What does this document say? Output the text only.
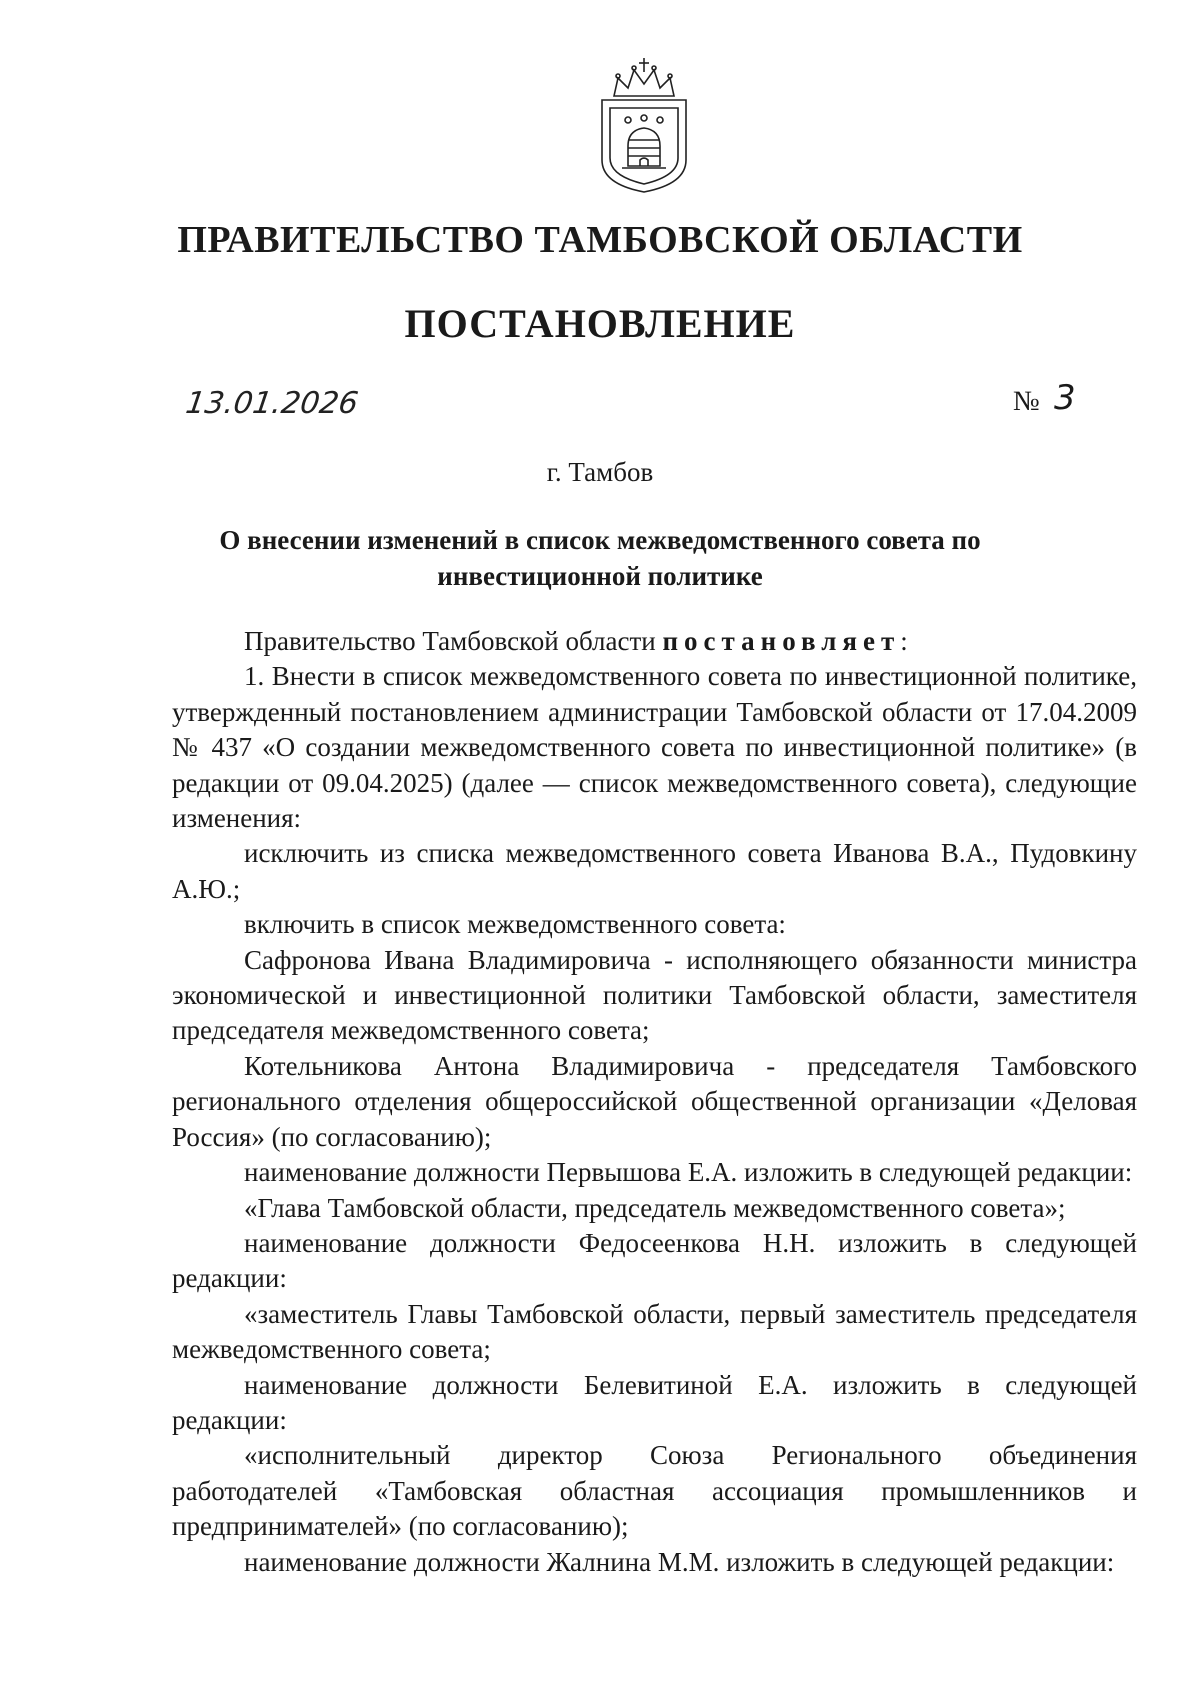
ПРАВИТЕЛЬСТВО ТАМБОВСКОЙ ОБЛАСТИ
ПОСТАНОВЛЕНИЕ
13.01.2026	№ 3
г. Тамбов
О внесении изменений в список межведомственного совета по инвестиционной политике

Правительство Тамбовской области постановляет:

1. Внести в список межведомственного совета по инвестиционной политике, утвержденный постановлением администрации Тамбовской области от 17.04.2009 № 437 «О создании межведомственного совета по инвестиционной политике» (в редакции от 09.04.2025) (далее — список межведомственного совета), следующие изменения:

исключить из списка межведомственного совета Иванова В.А., Пудовкину А.Ю.;

включить в список межведомственного совета:

Сафронова Ивана Владимировича - исполняющего обязанности министра экономической и инвестиционной политики Тамбовской области, заместителя председателя межведомственного совета;

Котельникова Антона Владимировича - председателя Тамбовского регионального отделения общероссийской общественной организации «Деловая Россия» (по согласованию);

наименование должности Первышова Е.А. изложить в следующей редакции:

«Глава Тамбовской области, председатель межведомственного совета»;

наименование должности Федосеенкова Н.Н. изложить в следующей редакции:

«заместитель Главы Тамбовской области, первый заместитель председателя межведомственного совета;

наименование должности Белевитиной Е.А. изложить в следующей редакции:

«исполнительный директор Союза Регионального объединения работодателей «Тамбовская областная ассоциация промышленников и предпринимателей» (по согласованию);

наименование должности Жалнина М.М. изложить в следующей редакции:
